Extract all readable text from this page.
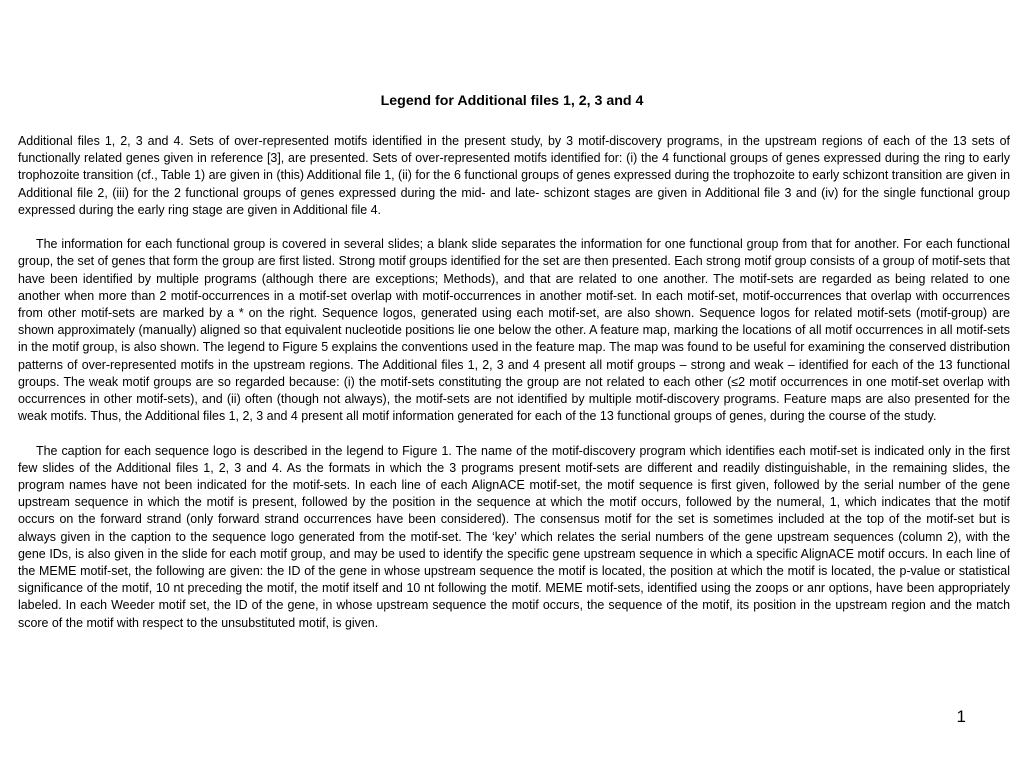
Legend for Additional files 1, 2, 3 and 4

Additional files 1, 2, 3 and 4. Sets of over-represented motifs identified in the present study, by 3 motif-discovery programs, in the upstream regions of each of the 13 sets of functionally related genes given in reference [3], are presented. Sets of over-represented motifs identified for: (i) the 4 functional groups of genes expressed during the ring to early trophozoite transition (cf., Table 1) are given in (this) Additional file 1, (ii) for the 6 functional groups of genes expressed during the trophozoite to early schizont transition are given in Additional file 2, (iii) for the 2 functional groups of genes expressed during the mid- and late- schizont stages are given in Additional file 3 and (iv) for the single functional group expressed during the early ring stage are given in Additional file 4.

The information for each functional group is covered in several slides; a blank slide separates the information for one functional group from that for another. For each functional group, the set of genes that form the group are first listed. Strong motif groups identified for the set are then presented. Each strong motif group consists of a group of motif-sets that have been identified by multiple programs (although there are exceptions; Methods), and that are related to one another. The motif-sets are regarded as being related to one another when more than 2 motif-occurrences in a motif-set overlap with motif-occurrences in another motif-set. In each motif-set, motif-occurrences that overlap with occurrences from other motif-sets are marked by a * on the right. Sequence logos, generated using each motif-set, are also shown. Sequence logos for related motif-sets (motif-group) are shown approximately (manually) aligned so that equivalent nucleotide positions lie one below the other. A feature map, marking the locations of all motif occurrences in all motif-sets in the motif group, is also shown. The legend to Figure 5 explains the conventions used in the feature map. The map was found to be useful for examining the conserved distribution patterns of over-represented motifs in the upstream regions. The Additional files 1, 2, 3 and 4 present all motif groups – strong and weak – identified for each of the 13 functional groups. The weak motif groups are so regarded because: (i) the motif-sets constituting the group are not related to each other (≤2 motif occurrences in one motif-set overlap with occurrences in other motif-sets), and (ii) often (though not always), the motif-sets are not identified by multiple motif-discovery programs. Feature maps are also presented for the weak motifs. Thus, the Additional files 1, 2, 3 and 4 present all motif information generated for each of the 13 functional groups of genes, during the course of the study.

The caption for each sequence logo is described in the legend to Figure 1. The name of the motif-discovery program which identifies each motif-set is indicated only in the first few slides of the Additional files 1, 2, 3 and 4. As the formats in which the 3 programs present motif-sets are different and readily distinguishable, in the remaining slides, the program names have not been indicated for the motif-sets. In each line of each AlignACE motif-set, the motif sequence is first given, followed by the serial number of the gene upstream sequence in which the motif is present, followed by the position in the sequence at which the motif occurs, followed by the numeral, 1, which indicates that the motif occurs on the forward strand (only forward strand occurrences have been considered). The consensus motif for the set is sometimes included at the top of the motif-set but is always given in the caption to the sequence logo generated from the motif-set. The ‘key’ which relates the serial numbers of the gene upstream sequences (column 2), with the gene IDs, is also given in the slide for each motif group, and may be used to identify the specific gene upstream sequence in which a specific AlignACE motif occurs. In each line of the MEME motif-set, the following are given: the ID of the gene in whose upstream sequence the motif is located, the position at which the motif is located, the p-value or statistical significance of the motif, 10 nt preceding the motif, the motif itself and 10 nt following the motif. MEME motif-sets, identified using the zoops or anr options, have been appropriately labeled. In each Weeder motif set, the ID of the gene, in whose upstream sequence the motif occurs, the sequence of the motif, its position in the upstream region and the match score of the motif with respect to the unsubstituted motif, is given.

1
